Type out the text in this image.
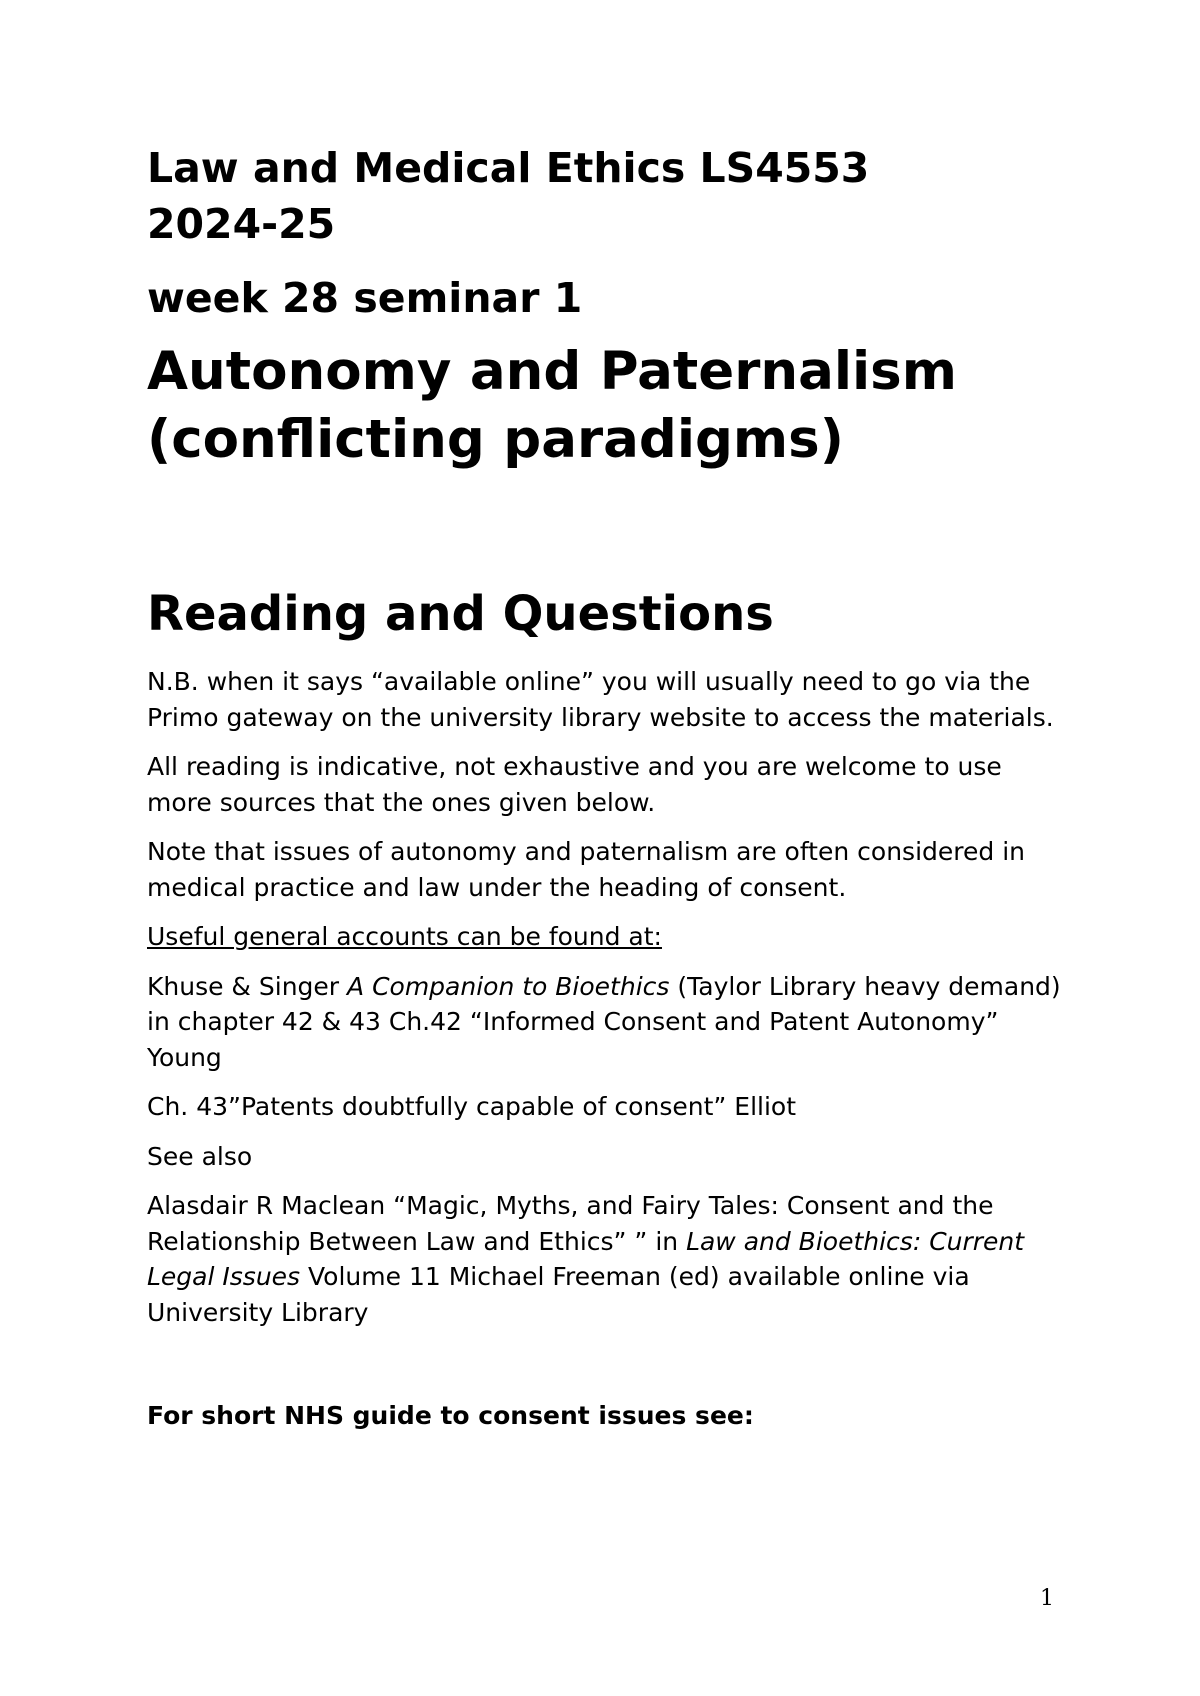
Law and Medical Ethics LS4553
2024-25
week 28 seminar 1
Autonomy and Paternalism
(conflicting paradigms)
Reading and Questions

N.B. when it says “available online” you will usually need to go via the Primo gateway on the university library website to access the materials.

All reading is indicative, not exhaustive and you are welcome to use more sources that the ones given below.

Note that issues of autonomy and paternalism are often considered in medical practice and law under the heading of consent.

Useful general accounts can be found at:

Khuse & Singer A Companion to Bioethics (Taylor Library heavy demand) in chapter 42 & 43 Ch.42 “Informed Consent and Patent Autonomy” Young

Ch. 43”Patents doubtfully capable of consent” Elliot

See also

Alasdair R Maclean “Magic, Myths, and Fairy Tales: Consent and the Relationship Between Law and Ethics” ” in Law and Bioethics: Current Legal Issues Volume 11 Michael Freeman (ed) available online via University Library

For short NHS guide to consent issues see:

1
